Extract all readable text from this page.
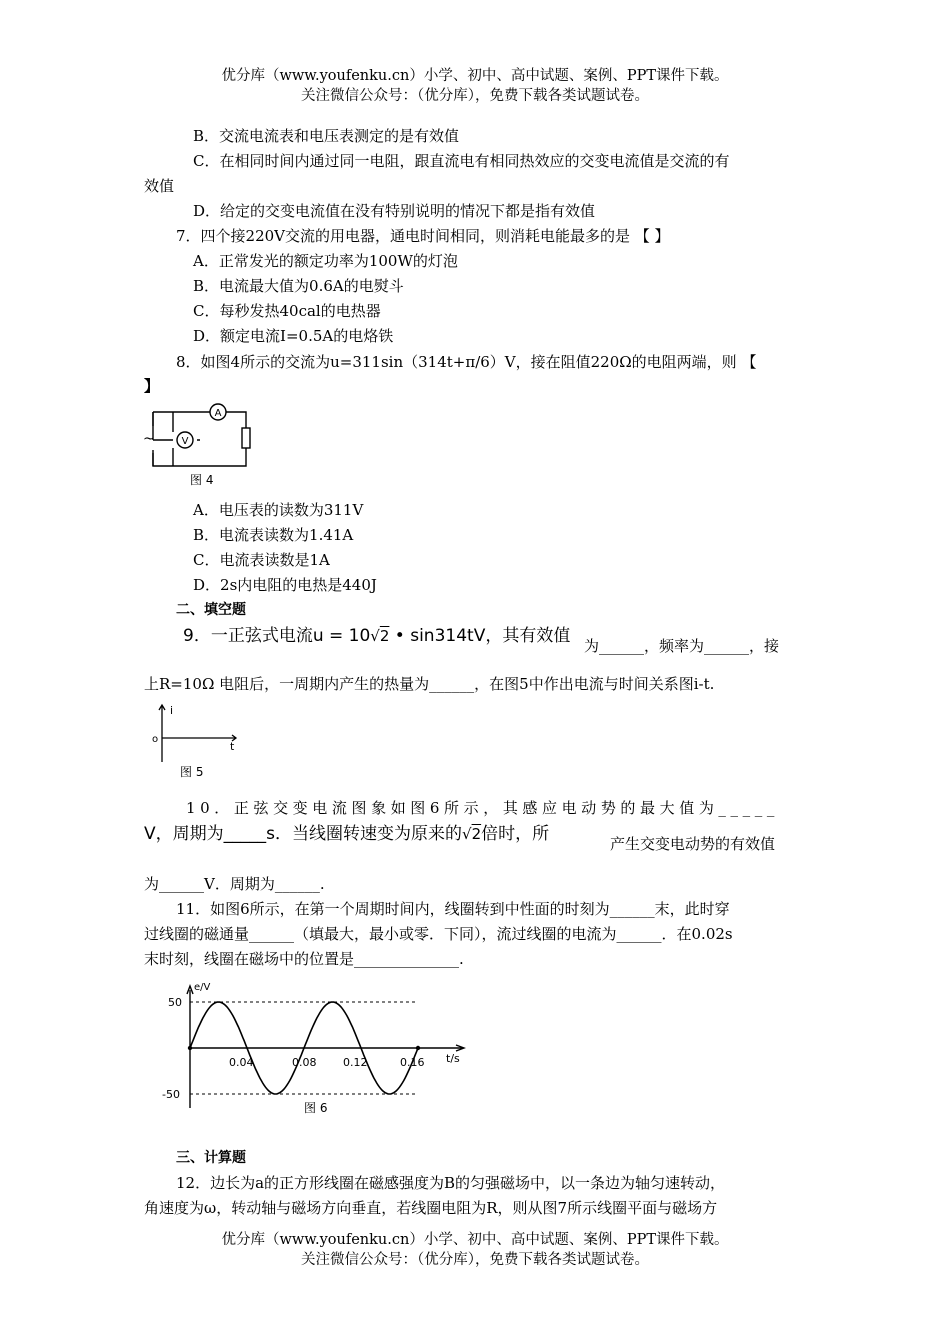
优分库（www.youfenku.cn）小学、初中、高中试题、案例、PPT课件下载。
关注微信公众号：（优分库），免费下载各类试题试卷。
B．交流电流表和电压表测定的是有效值
C．在相同时间内通过同一电阻，跟直流电有相同热效应的交变电流值是交流的有
效值
D．给定的交变电流值在没有特别说明的情况下都是指有效值
7．四个接220V交流的用电器，通电时间相同，则消耗电能最多的是 【 】
A．正常发光的额定功率为100W的灯泡
B．电流最大值为0.6A的电熨斗
C．每秒发热40cal的电热器
D．额定电流I=0.5A的电烙铁
8．如图4所示的交流为u=311sin（314t+π/6）V，接在阻值220Ω的电阻两端，则 【
】
A
V
~
图 4
A．电压表的读数为311V
B．电流表读数为1.41A
C．电流表读数是1A
D．2s内电阻的电热是440J
二、填空题
9．一正弦式电流u = 10√2 • sin314tV，其有效值 为______，频率为______，接
上R=10Ω 电阻后，一周期内产生的热量为______，在图5中作出电流与时间关系图i-t.
i
t
o
图 5
10．正弦交变电流图象如图6所示，其感应电动势的最大值为_____
V，周期为_____s．当线圈转速变为原来的√2倍时，所	产生交变电动势的有效值
为______V．周期为______.
11．如图6所示，在第一个周期时间内，线圈转到中性面的时刻为______末，此时穿
过线圈的磁通量______（填最大，最小或零．下同），流过线圈的电流为______．在0.02s
末时刻，线圈在磁场中的位置是______________.
0.04	0.08 0.12	0.16
50
-50
e/V
t/s
图 6
三、计算题
12．边长为a的正方形线圈在磁感强度为B的匀强磁场中，以一条边为轴匀速转动，
角速度为ω，转动轴与磁场方向垂直，若线圈电阻为R，则从图7所示线圈平面与磁场方
优分库（www.youfenku.cn）小学、初中、高中试题、案例、PPT课件下载。
关注微信公众号：（优分库），免费下载各类试题试卷。
